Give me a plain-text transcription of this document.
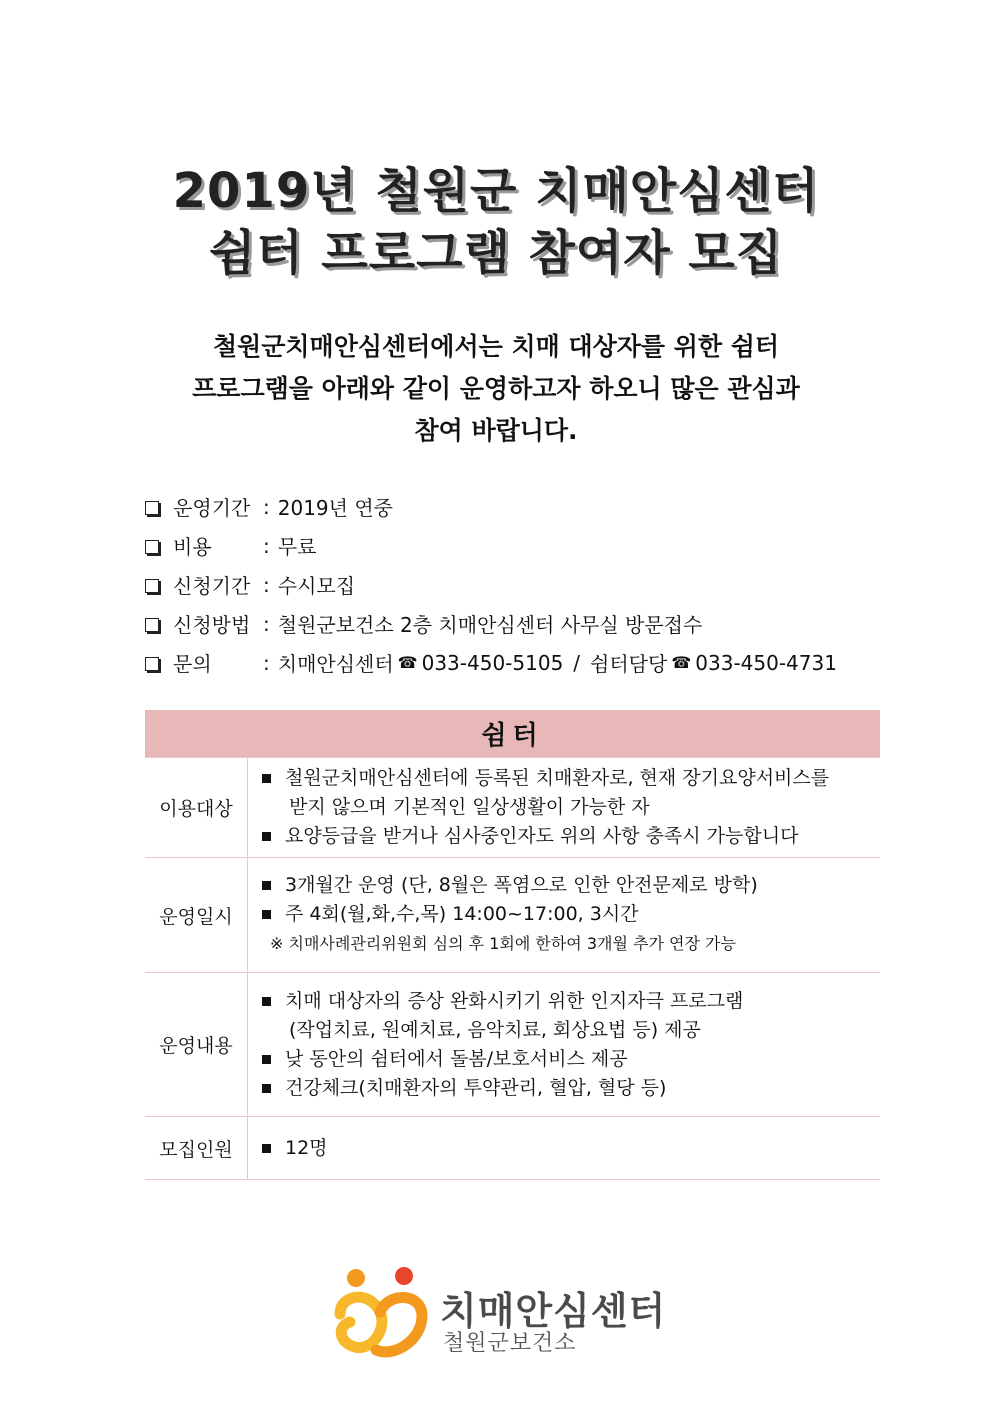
2019년 철원군 치매안심센터
쉼터 프로그램 참여자 모집
철원군치매안심센터에서는 치매 대상자를 위한 쉼터
프로그램을 아래와 같이 운영하고자 하오니 많은 관심과
참여 바랍니다.
운영기간 : 2019년 연중
비용	: 무료
신청기간 : 수시모집
신청방법 : 철원군보건소 2층 치매안심센터 사무실 방문접수
문의	: 치매안심센터 ☎ 033-450-5105 / 쉼터담당 ☎ 033-450-4731
쉼터	
이용대상	철원군치매안심센터에 등록된 치매환자로, 현재 장기요양서비스를
받지 않으며 기본적인 일상생활이 가능한 자
요양등급을 받거나 심사중인자도 위의 사항 충족시 가능합니다

운영일시	3개월간 운영 (단, 8월은 폭염으로 인한 안전문제로 방학)
주 4회(월,화,수,목) 14:00~17:00, 3시간
※ 치매사례관리위원회 심의 후 1회에 한하여 3개월 추가 연장 가능

운영내용	치매 대상자의 증상 완화시키기 위한 인지자극 프로그램
(작업치료, 원예치료, 음악치료, 회상요법 등) 제공
낮 동안의 쉼터에서 돌봄/보호서비스 제공
건강체크(치매환자의 투약관리, 혈압, 혈당 등)

모집인원	12명
치매안심센터
철원군보건소
